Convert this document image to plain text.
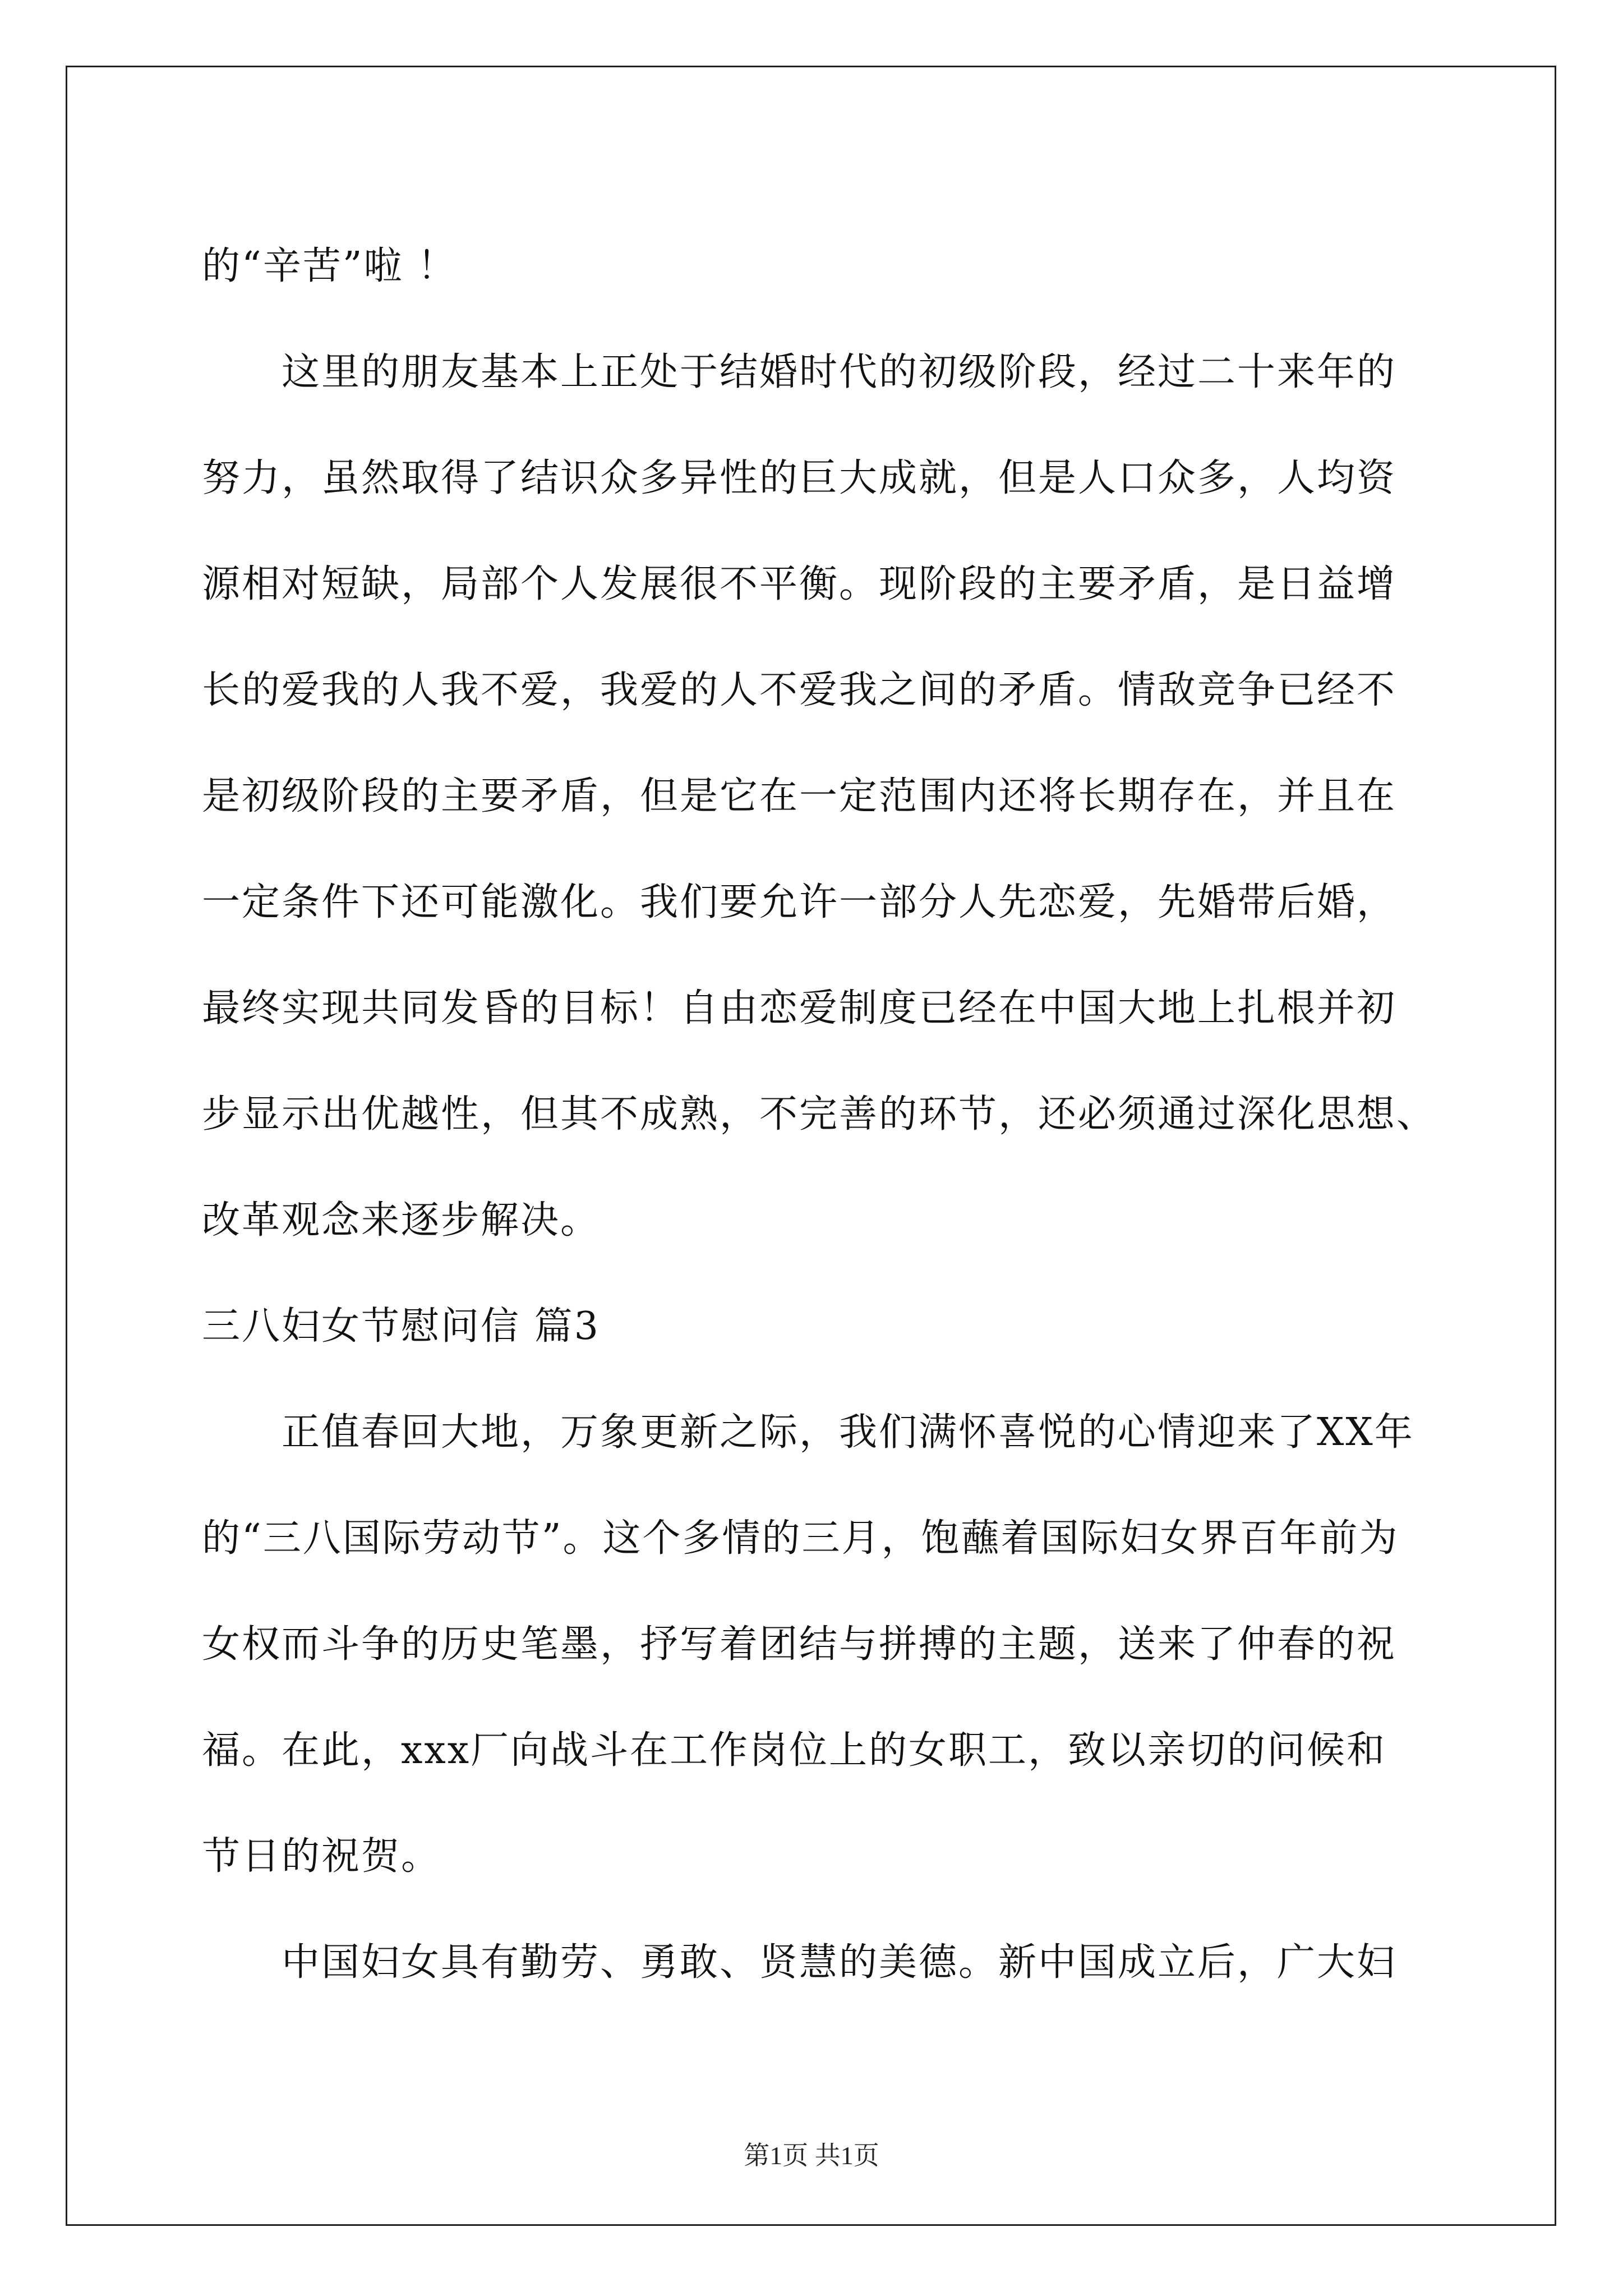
的“辛苦”啦 ！
　　这里的朋友基本上正处于结婚时代的初级阶段，经过二十来年的
努力，虽然取得了结识众多异性的巨大成就，但是人口众多，人均资
源相对短缺，局部个人发展很不平衡。现阶段的主要矛盾，是日益增
长的爱我的人我不爱，我爱的人不爱我之间的矛盾。情敌竞争已经不
是初级阶段的主要矛盾，但是它在一定范围内还将长期存在，并且在
一定条件下还可能激化。我们要允许一部分人先恋爱，先婚带后婚，
最终实现共同发昏的目标！自由恋爱制度已经在中国大地上扎根并初
步显示出优越性，但其不成熟，不完善的环节，还必须通过深化思想、
改革观念来逐步解决。
三八妇女节慰问信 篇3
　　正值春回大地，万象更新之际，我们满怀喜悦的心情迎来了XX年
的“三八国际劳动节”。这个多情的三月，饱蘸着国际妇女界百年前为
女权而斗争的历史笔墨，抒写着团结与拼搏的主题，送来了仲春的祝
福。在此，xxx厂向战斗在工作岗位上的女职工，致以亲切的问候和
节日的祝贺。
　　中国妇女具有勤劳、勇敢、贤慧的美德。新中国成立后，广大妇
第1页 共1页
